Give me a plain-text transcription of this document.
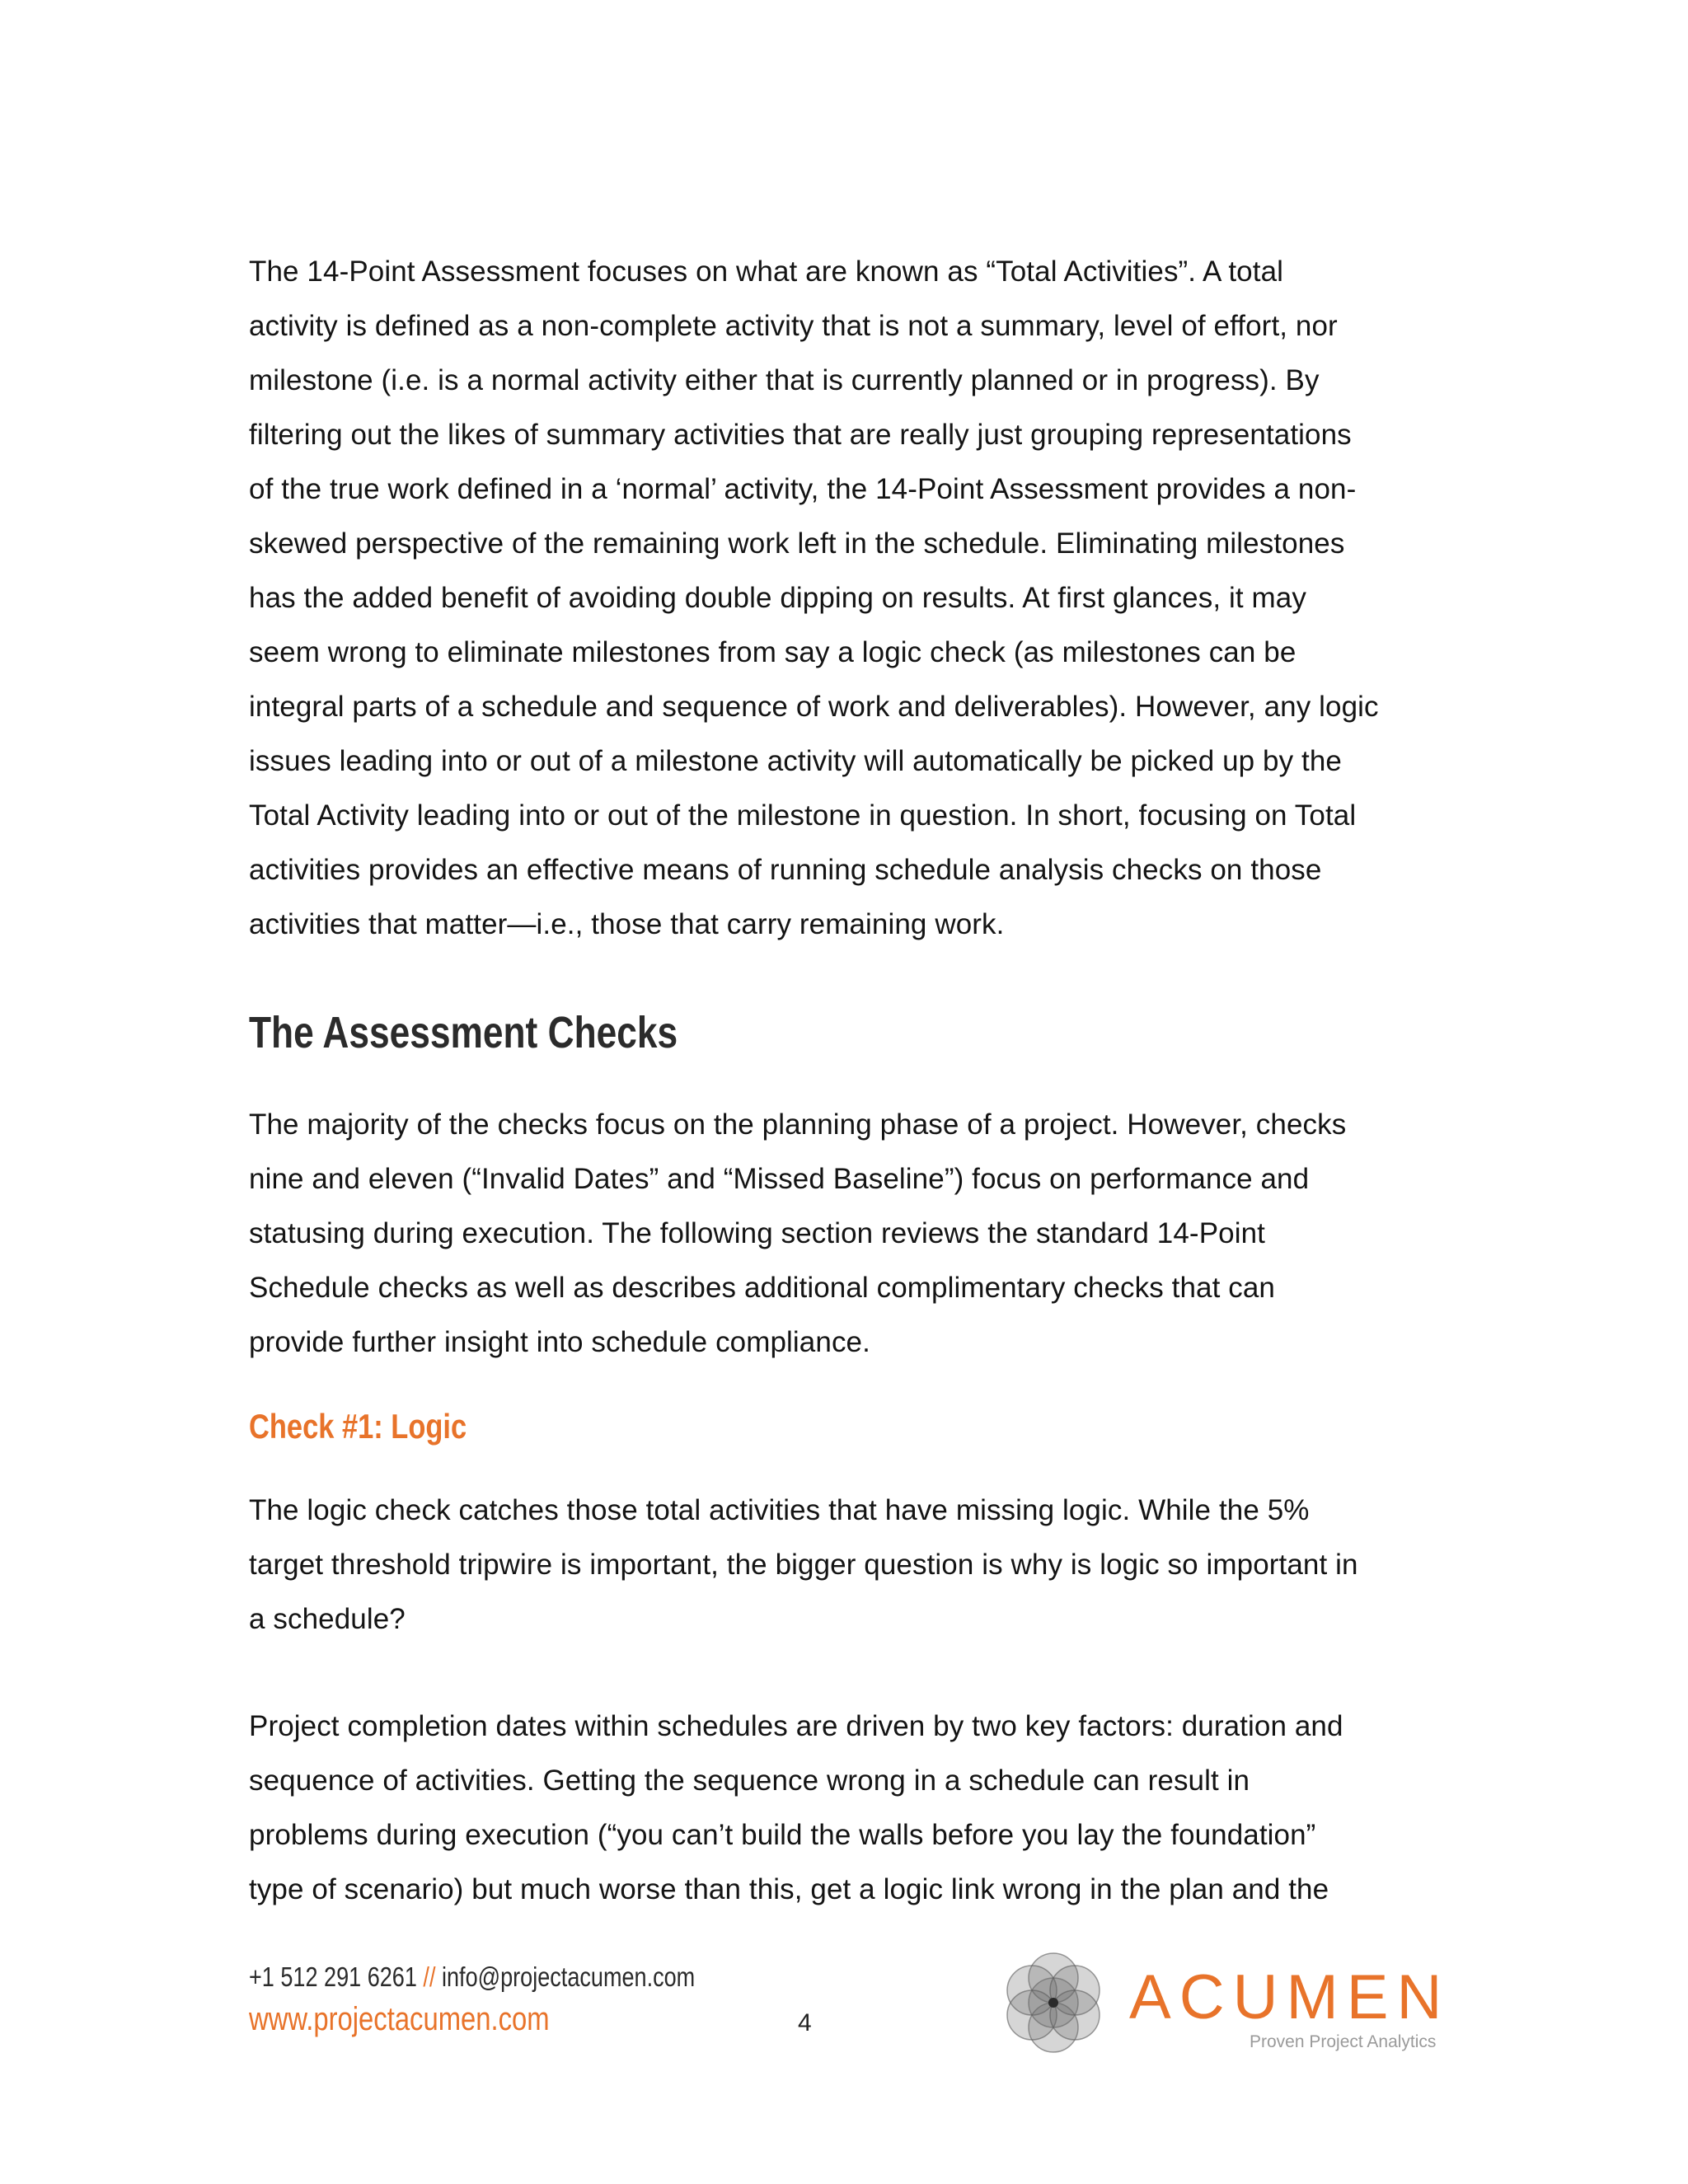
The 14-Point Assessment focuses on what are known as “Total Activities”. A total
activity is defined as a non-complete activity that is not a summary, level of effort, nor
milestone (i.e. is a normal activity either that is currently planned or in progress). By
filtering out the likes of summary activities that are really just grouping representations
of the true work defined in a ‘normal’ activity, the 14-Point Assessment provides a non-
skewed perspective of the remaining work left in the schedule. Eliminating milestones
has the added benefit of avoiding double dipping on results. At first glances, it may
seem wrong to eliminate milestones from say a logic check (as milestones can be
integral parts of a schedule and sequence of work and deliverables). However, any logic
issues leading into or out of a milestone activity will automatically be picked up by the
Total Activity leading into or out of the milestone in question. In short, focusing on Total
activities provides an effective means of running schedule analysis checks on those
activities that matter—i.e., those that carry remaining work.
The Assessment Checks
The majority of the checks focus on the planning phase of a project. However, checks
nine and eleven (“Invalid Dates” and “Missed Baseline”) focus on performance and
statusing during execution. The following section reviews the standard 14-Point
Schedule checks as well as describes additional complimentary checks that can
provide further insight into schedule compliance.
Check #1: Logic
The logic check catches those total activities that have missing logic. While the 5%
target threshold tripwire is important, the bigger question is why is logic so important in
a schedule?
Project completion dates within schedules are driven by two key factors: duration and
sequence of activities. Getting the sequence wrong in a schedule can result in
problems during execution (“you can’t build the walls before you lay the foundation”
type of scenario) but much worse than this, get a logic link wrong in the plan and the
+1 512 291 6261 // info@projectacumen.com
www.projectacumen.com	4	ACUMEN
Proven Project Analytics
